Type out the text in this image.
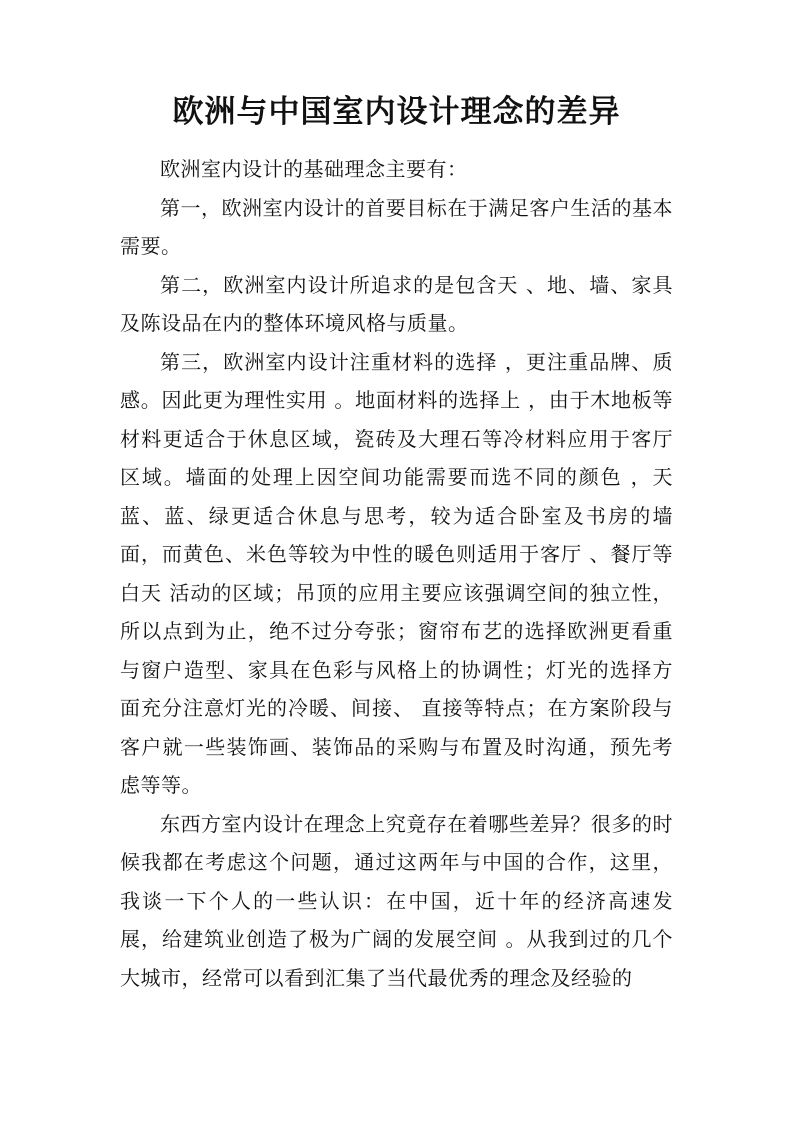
欧洲与中国室内设计理念的差异

欧洲室内设计的基础理念主要有：

第一，欧洲室内设计的首要目标在于满足客户生活的基本需要。

第二，欧洲室内设计所追求的是包含天 、地、墙、家具及陈设品在内的整体环境风格与质量。

第三，欧洲室内设计注重材料的选择 ，更注重品牌、质感。因此更为理性实用 。地面材料的选择上 ，由于木地板等材料更适合于休息区域，瓷砖及大理石等冷材料应用于客厅区域。墙面的处理上因空间功能需要而选不同的颜色 ，天蓝、蓝、绿更适合休息与思考，较为适合卧室及书房的墙面，而黄色、米色等较为中性的暖色则适用于客厅 、餐厅等白天 活动的区域；吊顶的应用主要应该强调空间的独立性，所以点到为止，绝不过分夸张；窗帘布艺的选择欧洲更看重与窗户造型、家具在色彩与风格上的协调性；灯光的选择方面充分注意灯光的冷暖、间接、 直接等特点；在方案阶段与客户就一些装饰画、装饰品的采购与布置及时沟通，预先考虑等等。

东西方室内设计在理念上究竟存在着哪些差异？很多的时候我都在考虑这个问题，通过这两年与中国的合作，这里，我谈一下个人的一些认识：在中国，近十年的经济高速发展，给建筑业创造了极为广阔的发展空间 。从我到过的几个大城市，经常可以看到汇集了当代最优秀的理念及经验的
